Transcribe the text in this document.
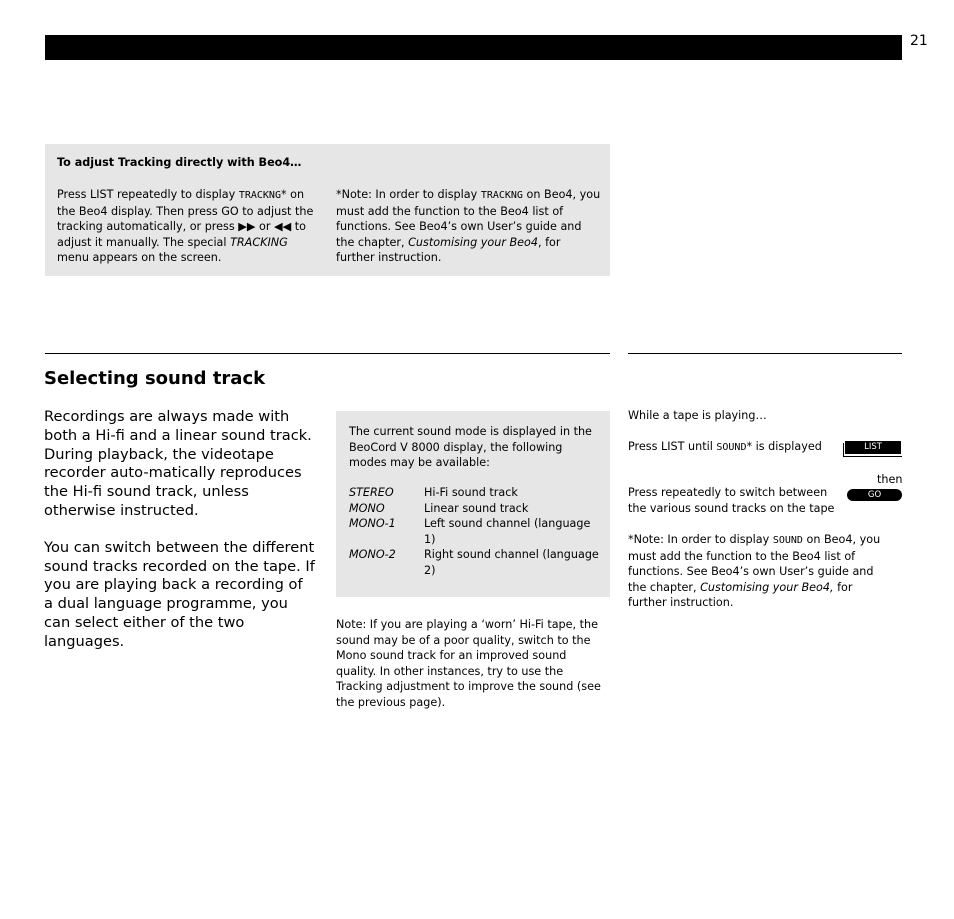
21
To adjust Tracking directly with Beo4…
Press LIST repeatedly to display TRACKNG* on the Beo4 display. Then press GO to adjust the tracking automatically, or press ▶▶ or ◀◀ to adjust it manually. The special TRACKING menu appears on the screen.
*Note: In order to display TRACKNG on Beo4, you must add the function to the Beo4 list of functions. See Beo4’s own User’s guide and the chapter, Customising your Beo4, for further instruction.
Selecting sound track

Recordings are always made with both a Hi-fi and a linear sound track. During playback, the videotape recorder auto-matically reproduces the Hi-fi sound track, unless otherwise instructed.

You can switch between the different sound tracks recorded on the tape. If you are playing back a recording of a dual language programme, you can select either of the two languages.

The current sound mode is displayed in the BeoCord V 8000 display, the following modes may be available:
STEREO	Hi-Fi sound track
MONO	Linear sound track
MONO-1	Left sound channel (language 1)
MONO-2	Right sound channel (language 2)
Note: If you are playing a ‘worn’ Hi-Fi tape, the sound may be of a poor quality, switch to the Mono sound track for an improved sound quality. In other instances, try to use the Tracking adjustment to improve the sound (see the previous page).
While a tape is playing…
Press LIST until SOUND* is displayed	LIST
then
Press repeatedly to switch between the various sound tracks on the tape
GO
*Note: In order to display SOUND on Beo4, you must add the function to the Beo4 list of functions. See Beo4’s own User’s guide and the chapter, Customising your Beo4, for further instruction.
